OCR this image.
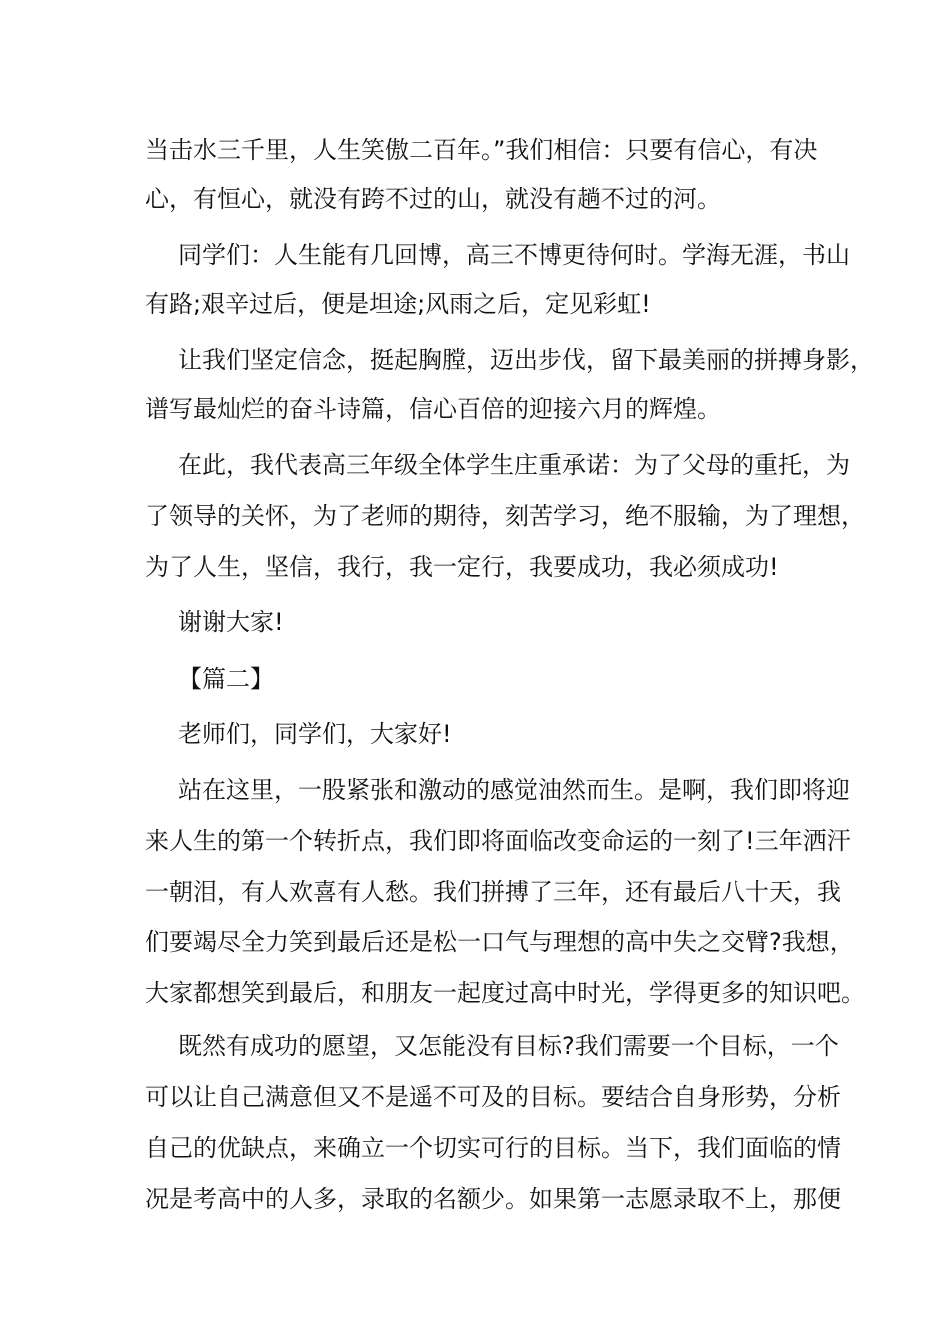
当击水三千里，人生笑傲二百年。”我们相信：只要有信心，有决
心，有恒心，就没有跨不过的山，就没有趟不过的河。
同学们：人生能有几回博，高三不博更待何时。学海无涯，书山
有路;艰辛过后，便是坦途;风雨之后，定见彩虹!
让我们坚定信念，挺起胸膛，迈出步伐，留下最美丽的拼搏身影，
谱写最灿烂的奋斗诗篇，信心百倍的迎接六月的辉煌。
在此，我代表高三年级全体学生庄重承诺：为了父母的重托，为
了领导的关怀，为了老师的期待，刻苦学习，绝不服输，为了理想，
为了人生，坚信，我行，我一定行，我要成功，我必须成功!
谢谢大家!
【篇二】
老师们，同学们，大家好!
站在这里，一股紧张和激动的感觉油然而生。是啊，我们即将迎
来人生的第一个转折点，我们即将面临改变命运的一刻了!三年洒汗
一朝泪，有人欢喜有人愁。我们拼搏了三年，还有最后八十天，我
们要竭尽全力笑到最后还是松一口气与理想的高中失之交臂?我想，
大家都想笑到最后，和朋友一起度过高中时光，学得更多的知识吧。
既然有成功的愿望，又怎能没有目标?我们需要一个目标，一个
可以让自己满意但又不是遥不可及的目标。要结合自身形势，分析
自己的优缺点，来确立一个切实可行的目标。当下，我们面临的情
况是考高中的人多，录取的名额少。如果第一志愿录取不上，那便
